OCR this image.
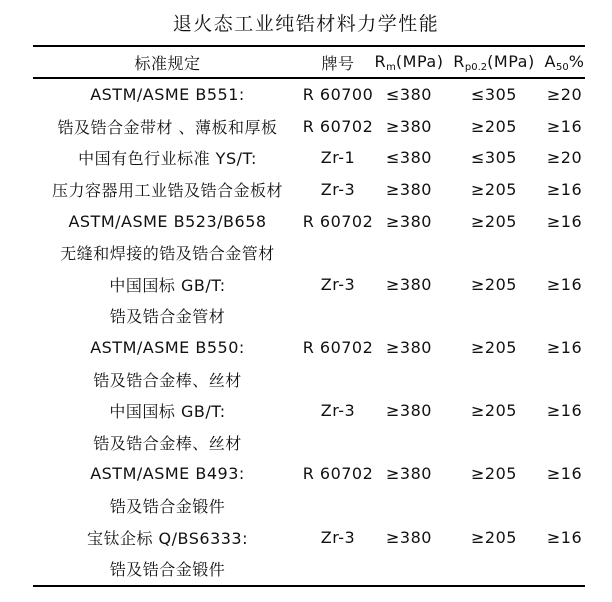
退火态工业纯锆材料力学性能
标准规定	牌号	$R_m(MPa)$ $R_{p0.2}(MPa)$ $A_{50}\%$
ASTM/ASME B551:	R 60700 ≤380	≤305	≥20
锆及锆合金带材 、薄板和厚板	R 60702 ≥380	≥205	≥16
中国有色行业标准 YS/T:	Zr-1	≤380	≤305	≥20
压力容器用工业锆及锆合金板材	Zr-3	≥380	≥205	≥16
ASTM/ASME B523/B658	R 60702 ≥380	≥205	≥16
无缝和焊接的锆及锆合金管材
中国国标 GB/T:	Zr-3	≥380	≥205	≥16
锆及锆合金管材
ASTM/ASME B550:	R 60702 ≥380	≥205	≥16
锆及锆合金棒、丝材
中国国标 GB/T:	Zr-3	≥380	≥205	≥16
锆及锆合金棒、丝材
ASTM/ASME B493:	R 60702 ≥380	≥205	≥16
锆及锆合金锻件
宝钛企标 Q/BS6333:	Zr-3	≥380	≥205	≥16
锆及锆合金锻件
